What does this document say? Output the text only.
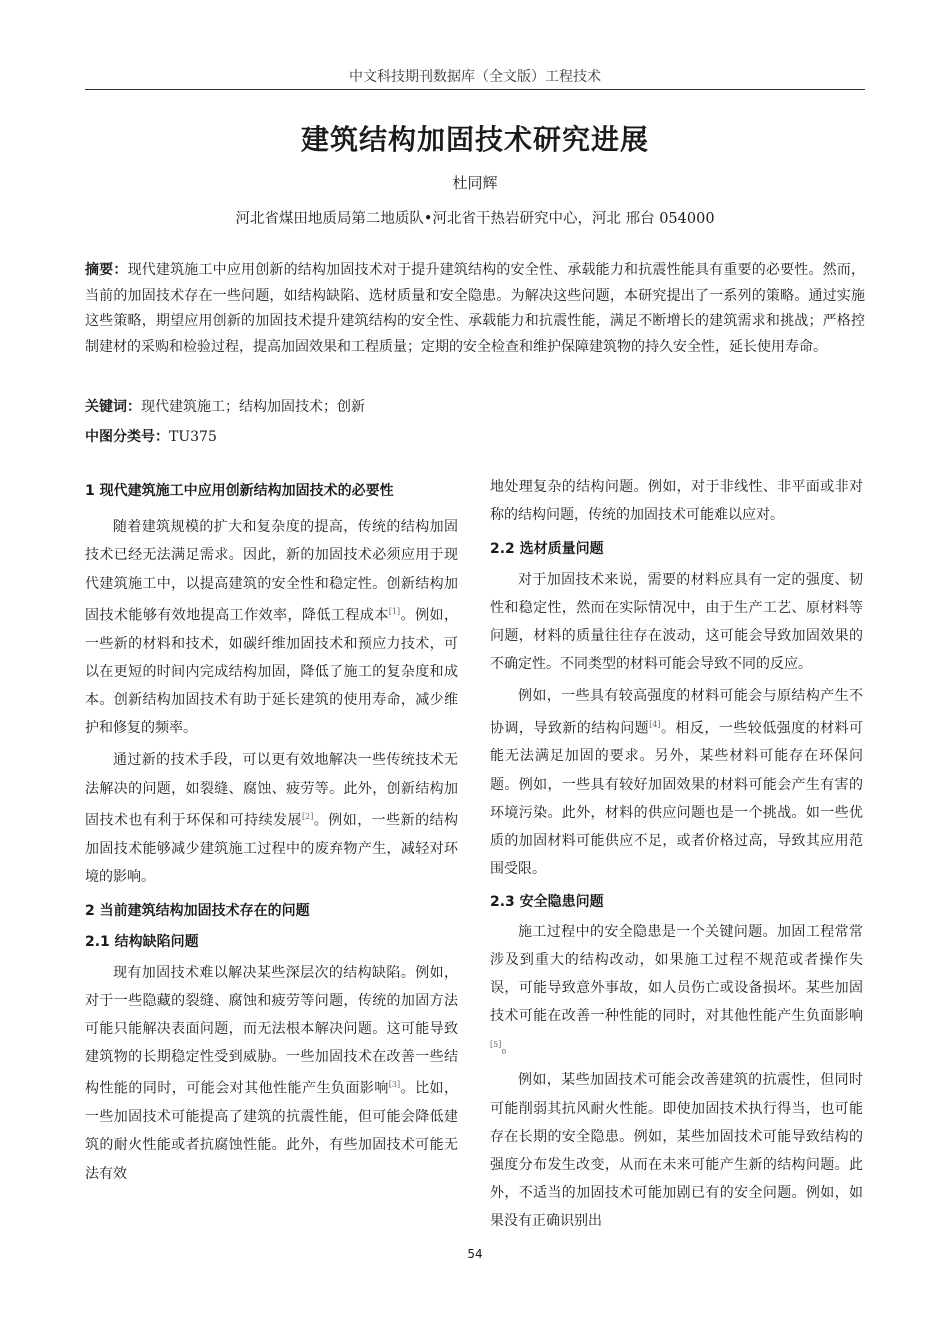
中文科技期刊数据库（全文版）工程技术
建筑结构加固技术研究进展
杜同辉
河北省煤田地质局第二地质队•河北省干热岩研究中心，河北 邢台 054000
摘要：现代建筑施工中应用创新的结构加固技术对于提升建筑结构的安全性、承载能力和抗震性能具有重要的必要性。然而，当前的加固技术存在一些问题，如结构缺陷、选材质量和安全隐患。为解决这些问题，本研究提出了一系列的策略。通过实施这些策略，期望应用创新的加固技术提升建筑结构的安全性、承载能力和抗震性能，满足不断增长的建筑需求和挑战；严格控制建材的采购和检验过程，提高加固效果和工程质量；定期的安全检查和维护保障建筑物的持久安全性，延长使用寿命。
关键词：现代建筑施工；结构加固技术；创新
中图分类号：TU375

1 现代建筑施工中应用创新结构加固技术的必要性

随着建筑规模的扩大和复杂度的提高，传统的结构加固技术已经无法满足需求。因此，新的加固技术必须应用于现代建筑施工中，以提高建筑的安全性和稳定性。创新结构加固技术能够有效地提高工作效率，降低工程成本[1]。例如，一些新的材料和技术，如碳纤维加固技术和预应力技术，可以在更短的时间内完成结构加固，降低了施工的复杂度和成本。创新结构加固技术有助于延长建筑的使用寿命，减少维护和修复的频率。

通过新的技术手段，可以更有效地解决一些传统技术无法解决的问题，如裂缝、腐蚀、疲劳等。此外，创新结构加固技术也有利于环保和可持续发展[2]。例如，一些新的结构加固技术能够减少建筑施工过程中的废弃物产生，减轻对环境的影响。

2 当前建筑结构加固技术存在的问题

2.1 结构缺陷问题

现有加固技术难以解决某些深层次的结构缺陷。例如，对于一些隐藏的裂缝、腐蚀和疲劳等问题，传统的加固方法可能只能解决表面问题，而无法根本解决问题。这可能导致建筑物的长期稳定性受到威胁。一些加固技术在改善一些结构性能的同时，可能会对其他性能产生负面影响[3]。比如，一些加固技术可能提高了建筑的抗震性能，但可能会降低建筑的耐火性能或者抗腐蚀性能。此外，有些加固技术可能无法有效

地处理复杂的结构问题。例如，对于非线性、非平面或非对称的结构问题，传统的加固技术可能难以应对。

2.2 选材质量问题

对于加固技术来说，需要的材料应具有一定的强度、韧性和稳定性，然而在实际情况中，由于生产工艺、原材料等问题，材料的质量往往存在波动，这可能会导致加固效果的不确定性。不同类型的材料可能会导致不同的反应。

例如，一些具有较高强度的材料可能会与原结构产生不协调，导致新的结构问题[4]。相反，一些较低强度的材料可能无法满足加固的要求。另外，某些材料可能存在环保问题。例如，一些具有较好加固效果的材料可能会产生有害的环境污染。此外，材料的供应问题也是一个挑战。如一些优质的加固材料可能供应不足，或者价格过高，导致其应用范围受限。

2.3 安全隐患问题

施工过程中的安全隐患是一个关键问题。加固工程常常涉及到重大的结构改动，如果施工过程不规范或者操作失误，可能导致意外事故，如人员伤亡或设备损坏。某些加固技术可能在改善一种性能的同时，对其他性能产生负面影响[5]。

例如，某些加固技术可能会改善建筑的抗震性，但同时可能削弱其抗风耐火性能。即使加固技术执行得当，也可能存在长期的安全隐患。例如，某些加固技术可能导致结构的强度分布发生改变，从而在未来可能产生新的结构问题。此外，不适当的加固技术可能加剧已有的安全问题。例如，如果没有正确识别出

54
